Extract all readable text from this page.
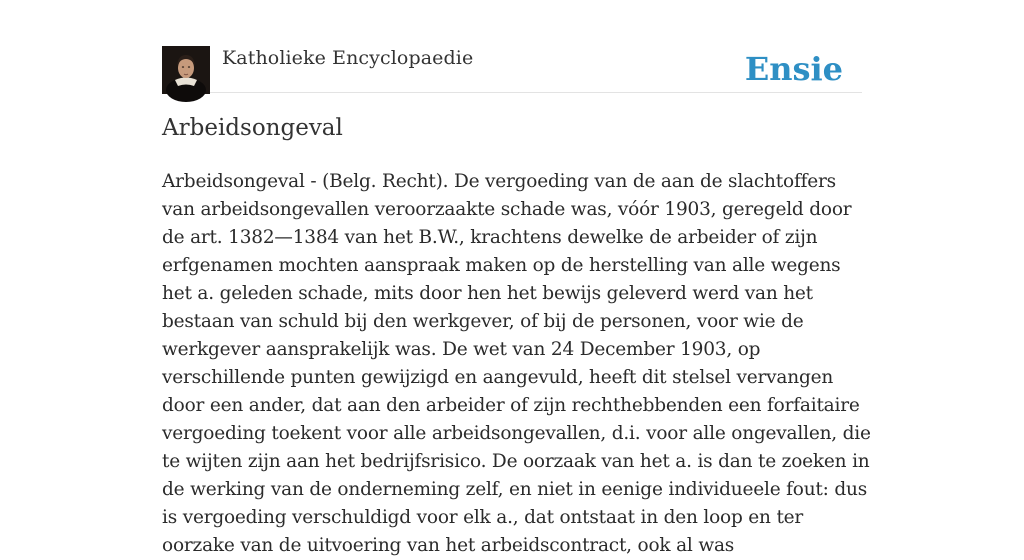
Katholieke Encyclopaedie	Ensie
Arbeidsongeval

Arbeidsongeval - (Belg. Recht). De vergoeding van de aan de slachtoffers van arbeidsongevallen veroorzaakte schade was, vóór 1903, geregeld door de art. 1382—1384 van het B.W., krachtens dewelke de arbeider of zijn erfgenamen mochten aanspraak maken op de herstelling van alle wegens het a. geleden schade, mits door hen het bewijs geleverd werd van het bestaan van schuld bij den werkgever, of bij de personen, voor wie de werkgever aansprakelijk was. De wet van 24 December 1903, op verschillende punten gewijzigd en aangevuld, heeft dit stelsel vervangen door een ander, dat aan den arbeider of zijn rechthebbenden een forfaitaire vergoeding toekent voor alle arbeidsongevallen, d.i. voor alle ongevallen, die te wijten zijn aan het bedrijfsrisico. De oorzaak van het a. is dan te zoeken in de werking van de onderneming zelf, en niet in eenige individueele fout: dus is vergoeding verschuldigd voor elk a., dat ontstaat in den loop en ter oorzake van de uitvoering van het arbeidscontract, ook al was
